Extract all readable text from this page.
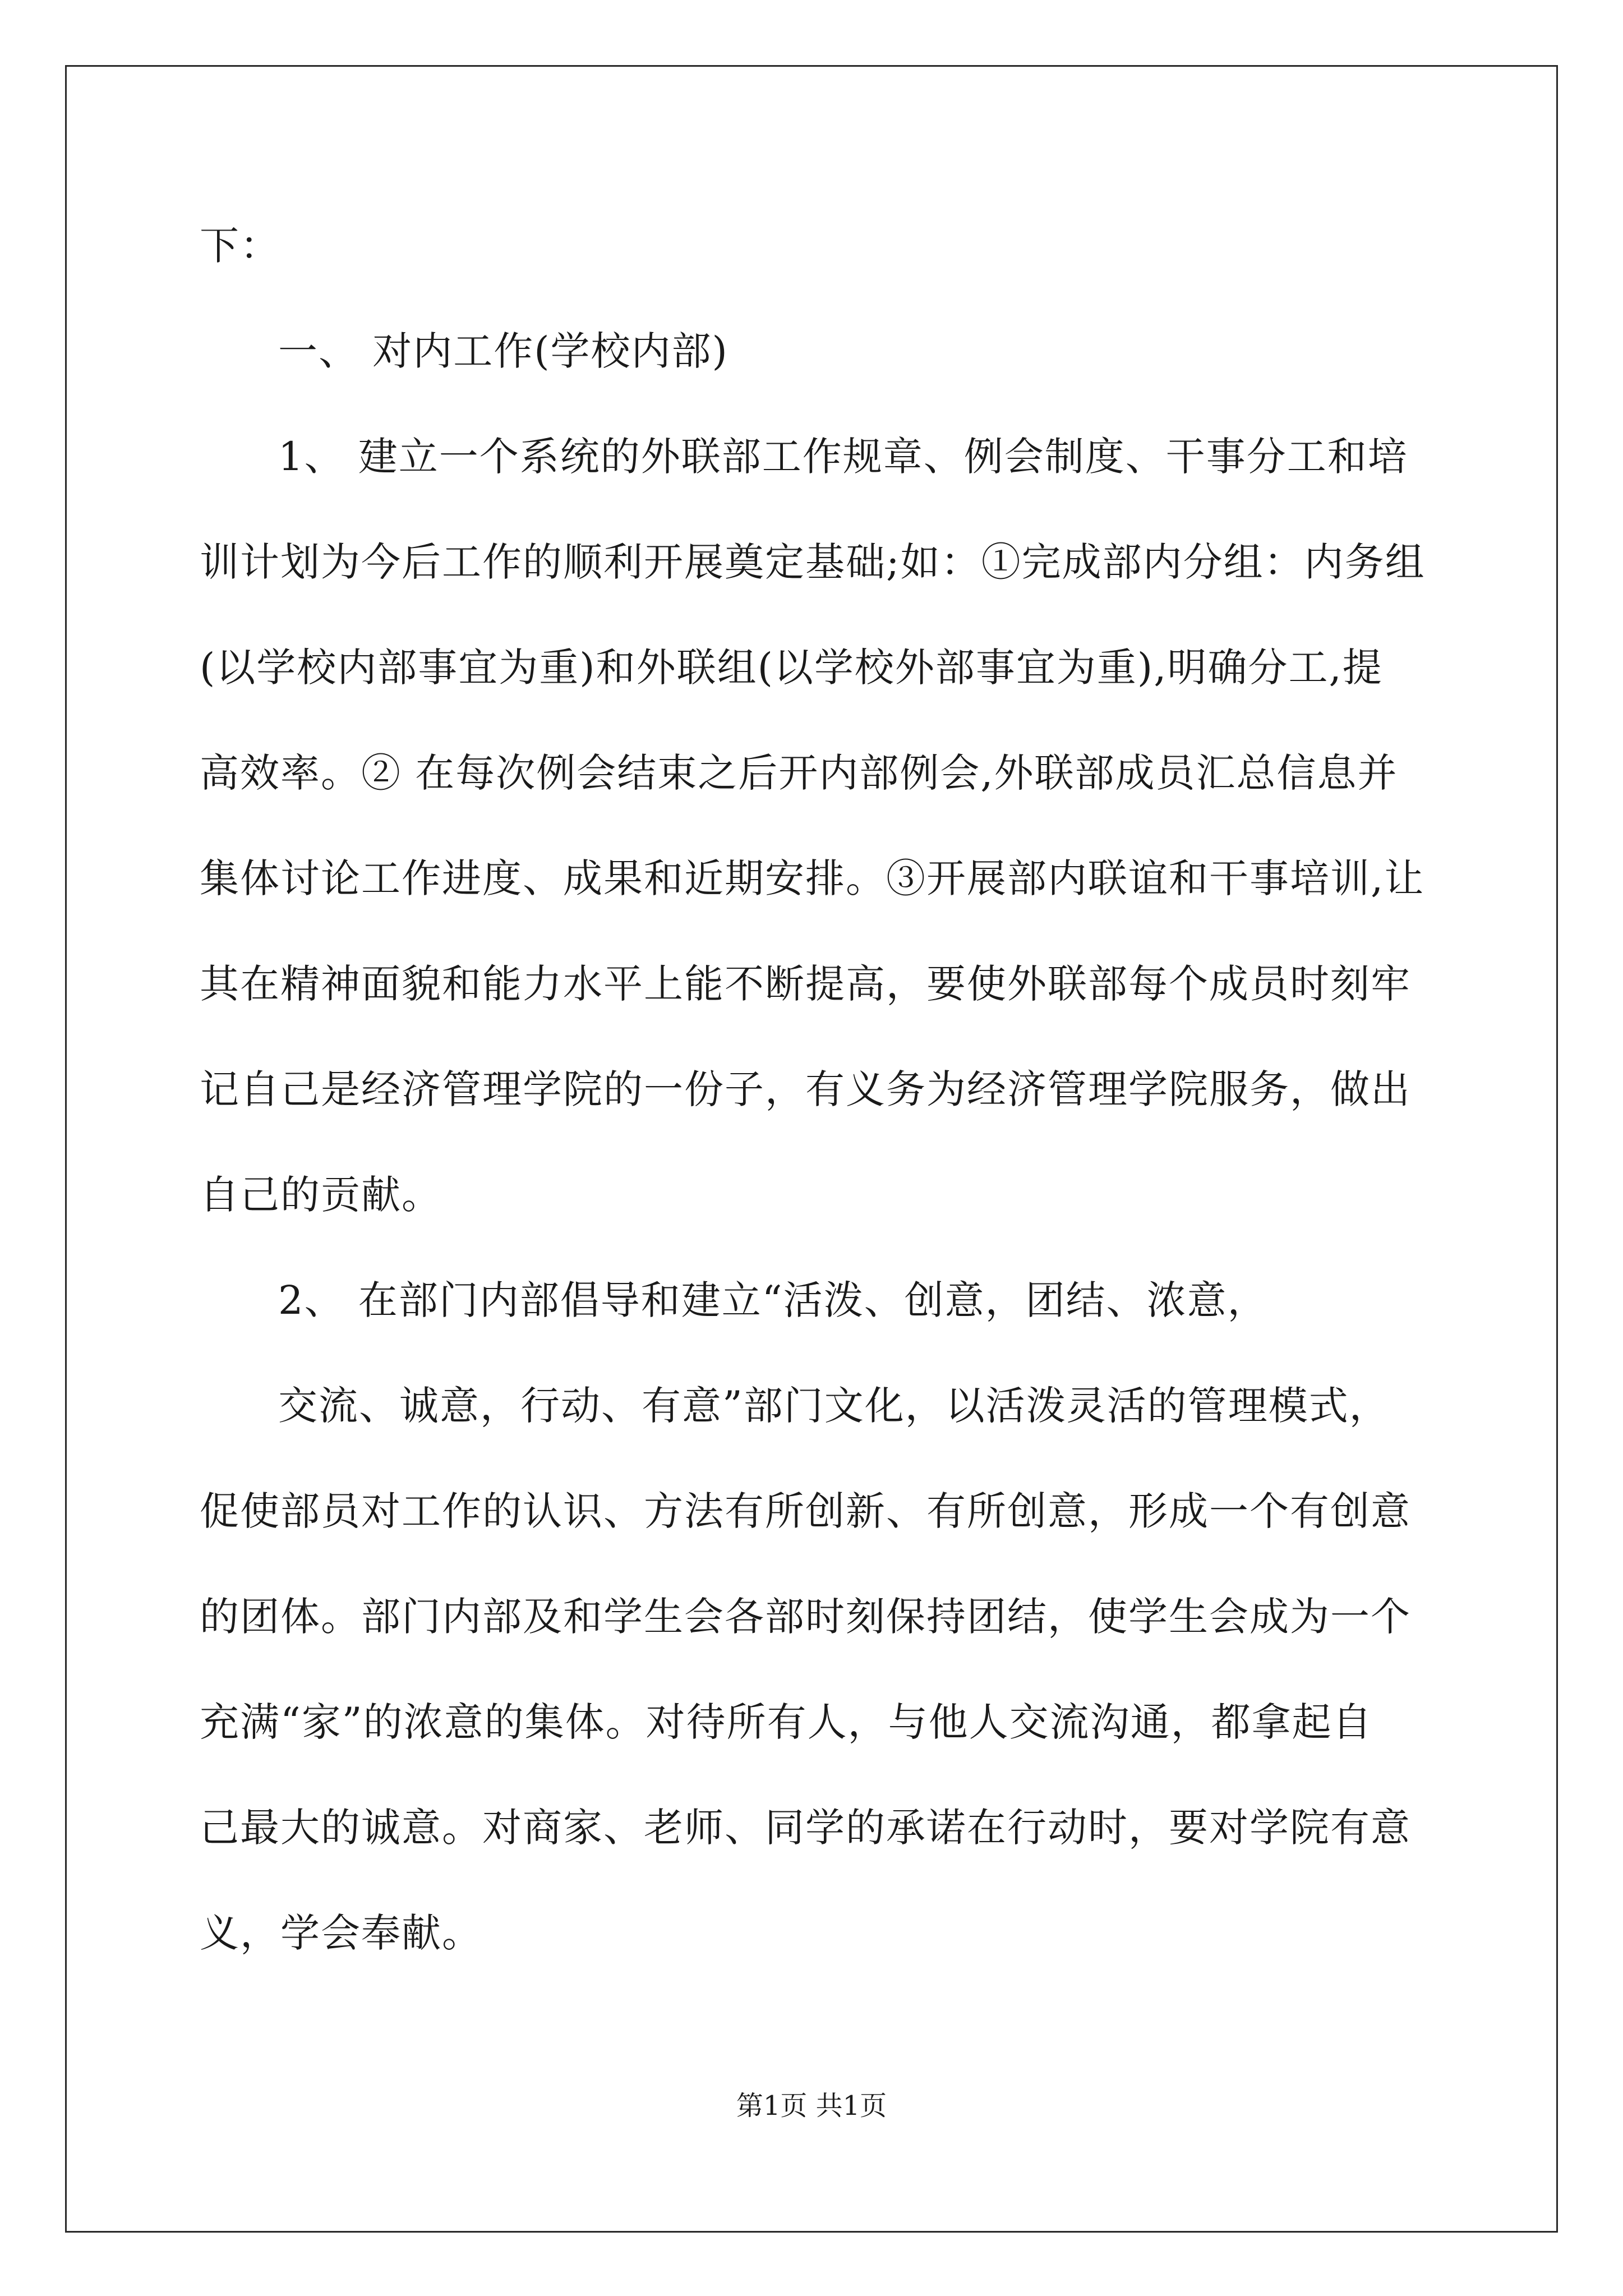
下：
一、 对内工作(学校内部)
1、 建立一个系统的外联部工作规章、例会制度、干事分工和培
训计划为今后工作的顺利开展奠定基础;如：①完成部内分组：内务组
(以学校内部事宜为重)和外联组(以学校外部事宜为重),明确分工,提
高效率。② 在每次例会结束之后开内部例会,外联部成员汇总信息并
集体讨论工作进度、成果和近期安排。③开展部内联谊和干事培训,让
其在精神面貌和能力水平上能不断提高，要使外联部每个成员时刻牢
记自己是经济管理学院的一份子，有义务为经济管理学院服务，做出
自己的贡献。
2、 在部门内部倡导和建立“活泼、创意，团结、浓意，
交流、诚意，行动、有意”部门文化，以活泼灵活的管理模式，
促使部员对工作的认识、方法有所创新、有所创意，形成一个有创意
的团体。部门内部及和学生会各部时刻保持团结，使学生会成为一个
充满“家”的浓意的集体。对待所有人，与他人交流沟通，都拿起自
己最大的诚意。对商家、老师、同学的承诺在行动时，要对学院有意
义，学会奉献。
第1页 共1页
